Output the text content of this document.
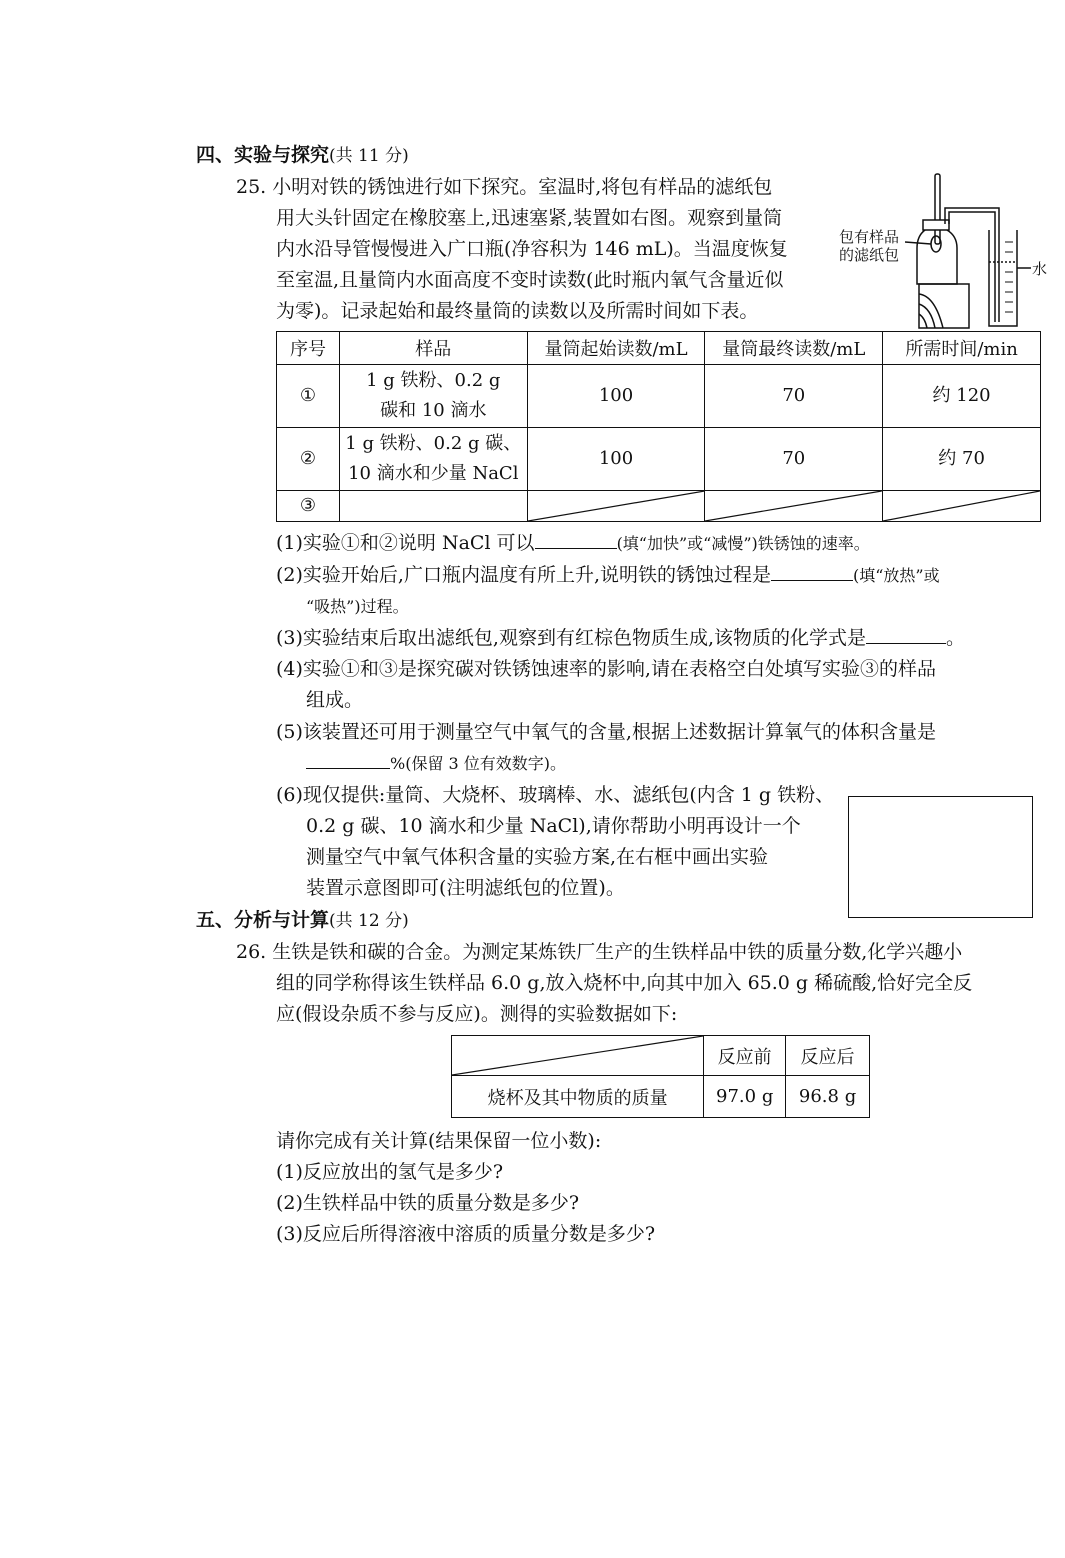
四、实验与探究(共 11 分)
25. 小明对铁的锈蚀进行如下探究。室温时,将包有样品的滤纸包
用大头针固定在橡胶塞上,迅速塞紧,装置如右图。观察到量筒
内水沿导管慢慢进入广口瓶(净容积为 146 mL)。当温度恢复
至室温,且量筒内水面高度不变时读数(此时瓶内氧气含量近似
为零)。记录起始和最终量筒的读数以及所需时间如下表。
包有样品
的滤纸包
水
序号	样品	量筒起始读数/mL	量筒最终读数/mL	所需时间/min
①	1 g 铁粉、0.2 g
碳和 10 滴水	100	70	约 120
②	1 g 铁粉、0.2 g 碳、
10 滴水和少量 NaCl	100	70	约 70
③		

(1)实验①和②说明 NaCl 可以	(填“加快”或“减慢”)铁锈蚀的速率。
(2)实验开始后,广口瓶内温度有所上升,说明铁的锈蚀过程是	(填“放热”或
“吸热”)过程。
(3)实验结束后取出滤纸包,观察到有红棕色物质生成,该物质的化学式是	。
(4)实验①和③是探究碳对铁锈蚀速率的影响,请在表格空白处填写实验③的样品
组成。
(5)该装置还可用于测量空气中氧气的含量,根据上述数据计算氧气的体积含量是
%(保留 3 位有效数字)。
(6)现仅提供:量筒、大烧杯、玻璃棒、水、滤纸包(内含 1 g 铁粉、
0.2 g 碳、10 滴水和少量 NaCl),请你帮助小明再设计一个
测量空气中氧气体积含量的实验方案,在右框中画出实验
装置示意图即可(注明滤纸包的位置)。
五、分析与计算(共 12 分)
26. 生铁是铁和碳的合金。为测定某炼铁厂生产的生铁样品中铁的质量分数,化学兴趣小
组的同学称得该生铁样品 6.0 g,放入烧杯中,向其中加入 65.0 g 稀硫酸,恰好完全反
应(假设杂质不参与反应)。测得的实验数据如下:
	反应前	反应后
烧杯及其中物质的质量	97.0 g	96.8 g
请你完成有关计算(结果保留一位小数):
(1)反应放出的氢气是多少?
(2)生铁样品中铁的质量分数是多少?
(3)反应后所得溶液中溶质的质量分数是多少?
